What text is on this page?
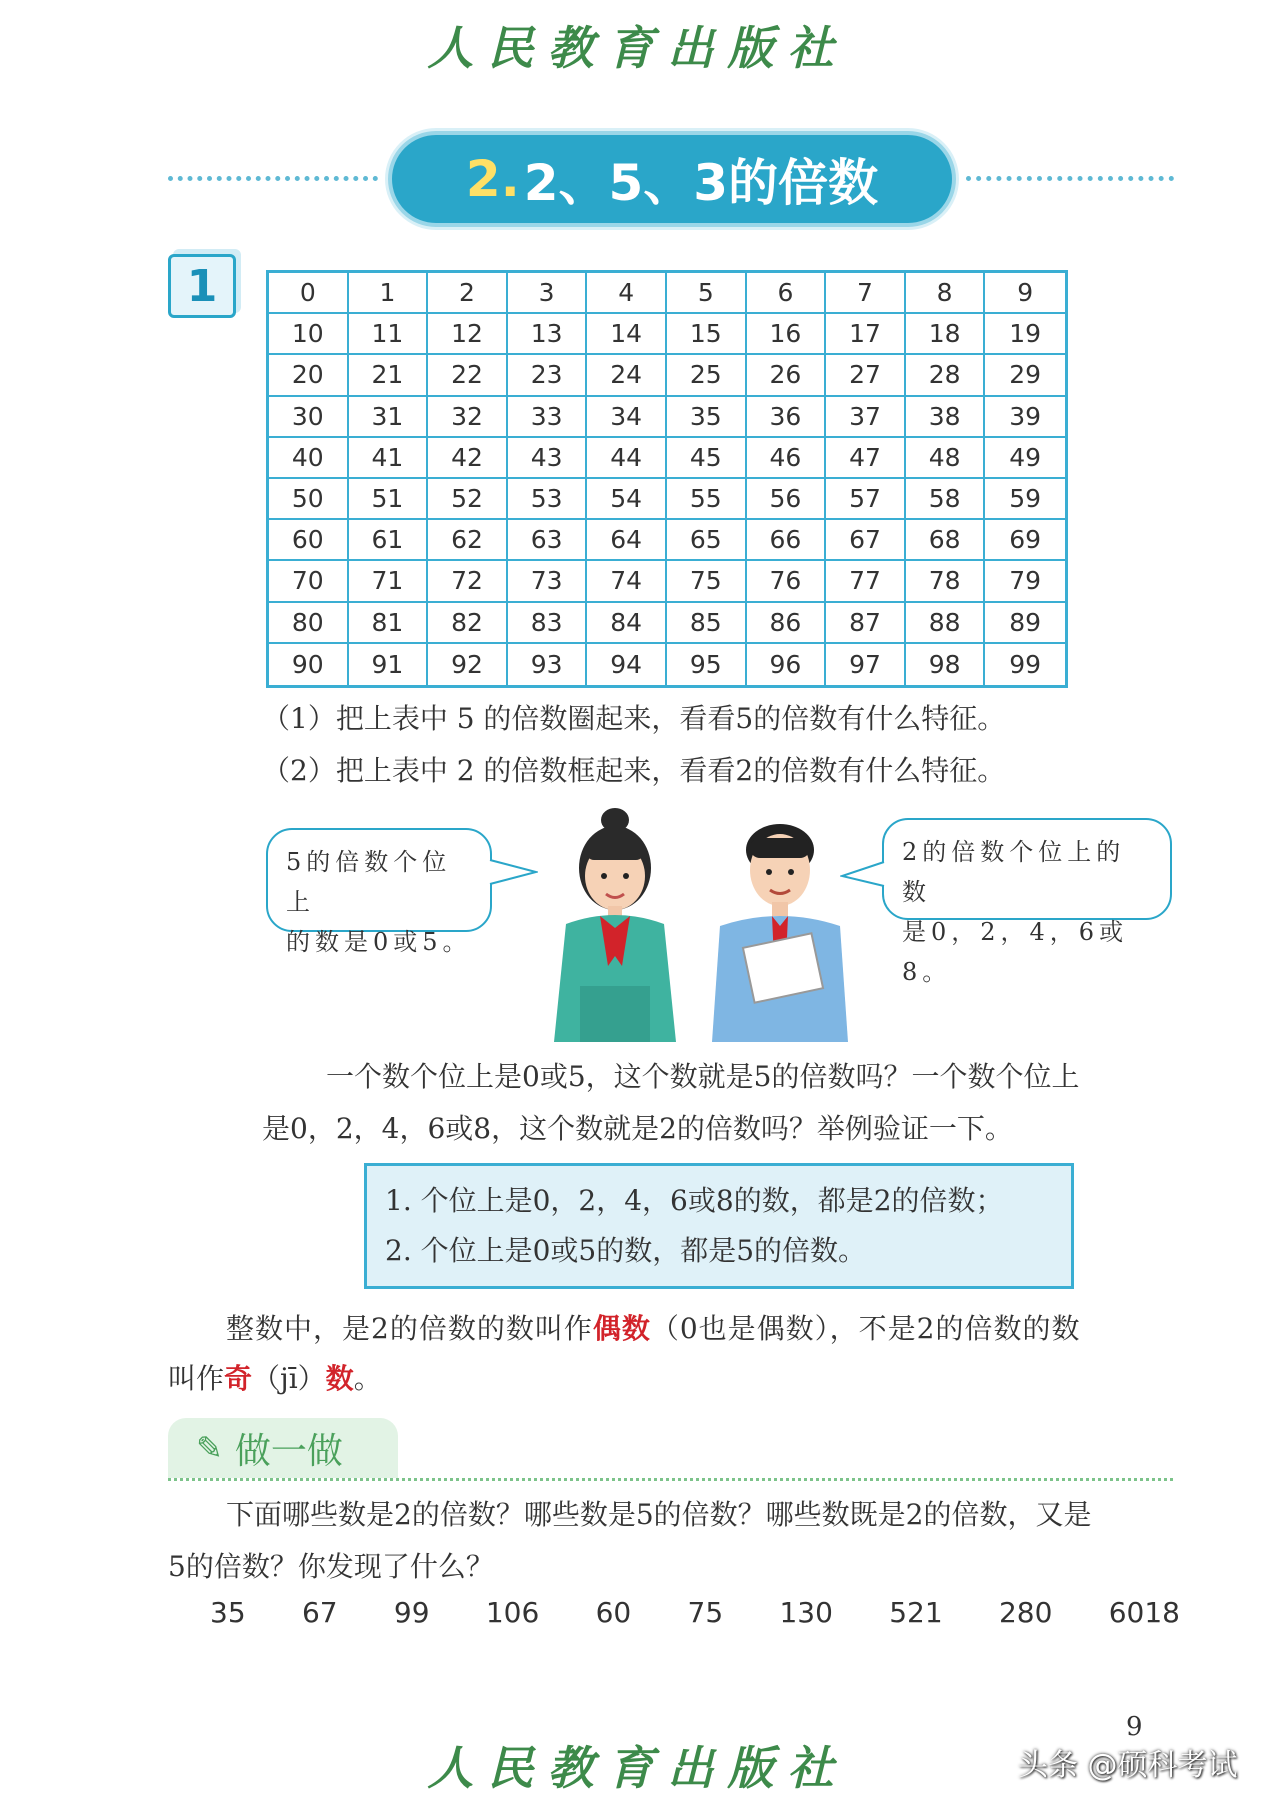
人民教育出版社
2. 2、5、3的倍数
1	0	1	2	3	4	5	6	7	8	9
10	11	12	13	14	15	16	17	18	19
20	21	22	23	24	25	26	27	28	29
30	31	32	33	34	35	36	37	38	39
40	41	42	43	44	45	46	47	48	49
50	51	52	53	54	55	56	57	58	59
60	61	62	63	64	65	66	67	68	69
70	71	72	73	74	75	76	77	78	79
80	81	82	83	84	85	86	87	88	89
90	91	92	93	94	95	96	97	98	99
（1）把上表中 5 的倍数圈起来，看看5的倍数有什么特征。
（2）把上表中 2 的倍数框起来，看看2的倍数有什么特征。
5的倍数个位上
的数是0或5。
2的倍数个位上的数
是0，2，4，6或8。
一个数个位上是0或5，这个数就是5的倍数吗？一个数个位上
是0，2，4，6或8，这个数就是2的倍数吗？举例验证一下。
1. 个位上是0，2，4，6或8的数，都是2的倍数；
2. 个位上是0或5的数，都是5的倍数。
整数中，是2的倍数的数叫作偶数（0也是偶数），不是2的倍数的数
叫作奇（jī）数。
✎ 做一做
下面哪些数是2的倍数？哪些数是5的倍数？哪些数既是2的倍数，又是
5的倍数？你发现了什么？
35 67 99 106 60 75 130 521 280 6018
9
人民教育出版社	头条 @硕科考试
